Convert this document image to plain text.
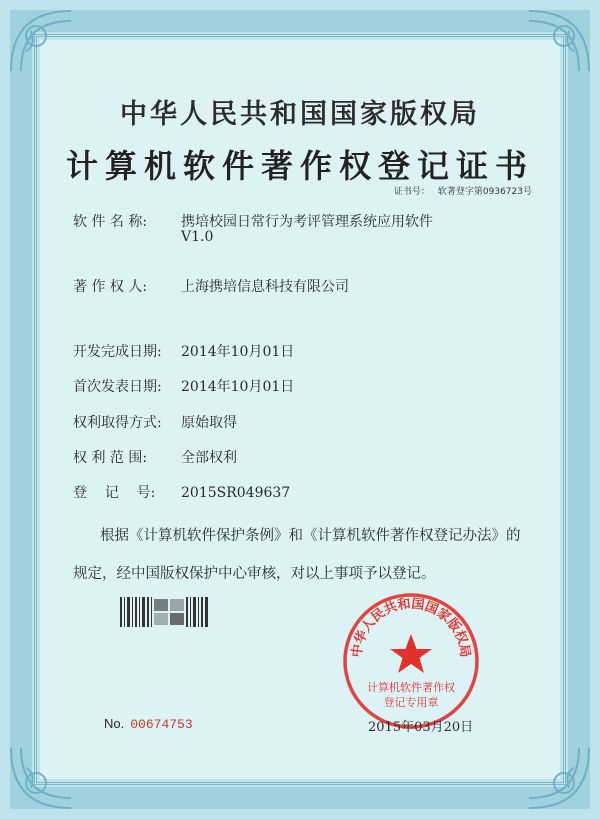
中华人民共和国国家版权局
计算机软件著作权登记证书
证书号： 软著登字第0936723号
软 件 名 称: 携培校园日常行为考评管理系统应用软件
V1.0
著 作 权 人: 上海携培信息科技有限公司
开发完成日期: 2014年10月01日
首次发表日期: 2014年10月01日
权利取得方式: 原始取得
权 利 范 围: 全部权利
登    记    号: 2015SR049637
根据《计算机软件保护条例》和《计算机软件著作权登记办法》的
规定，经中国版权保护中心审核，对以上事项予以登记。
中华人民共和国国家版权局
计算机软件著作权
登记专用章
No. 00674753	2015年03月20日
